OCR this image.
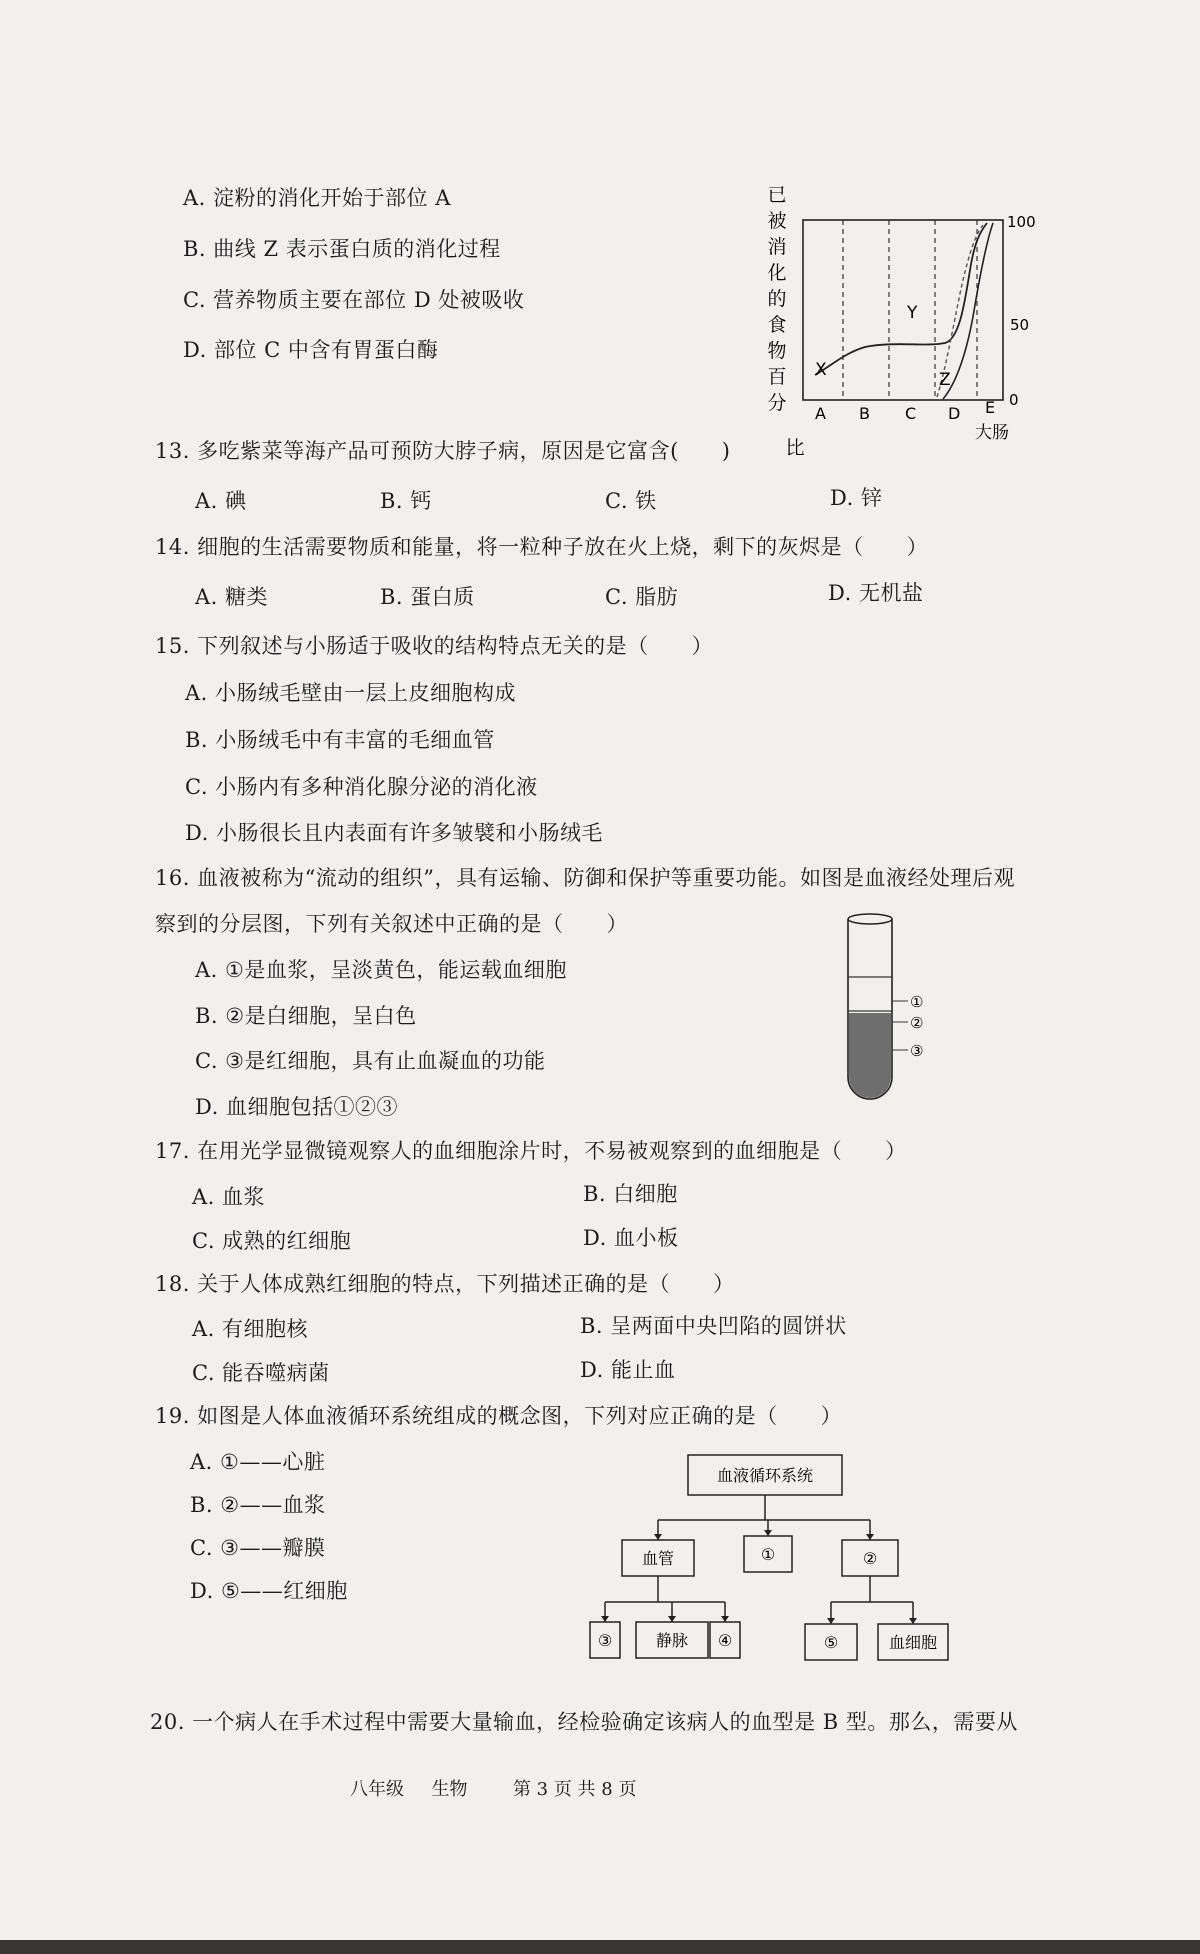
A. 淀粉的消化开始于部位 A
B. 曲线 Z 表示蛋白质的消化过程
C. 营养物质主要在部位 D 处被吸收
D. 部位 C 中含有胃蛋白酶
已
被
消
化
的
食
物
百
分
比
X
Y
Z
100
50
0
A B C D E
大肠
13. 多吃紫菜等海产品可预防大脖子病，原因是它富含(　　)
A. 碘	B. 钙	C. 铁	D. 锌
14. 细胞的生活需要物质和能量，将一粒种子放在火上烧，剩下的灰烬是（　　）
A. 糖类	B. 蛋白质	C. 脂肪	D. 无机盐
15. 下列叙述与小肠适于吸收的结构特点无关的是（　　）
A. 小肠绒毛壁由一层上皮细胞构成
B. 小肠绒毛中有丰富的毛细血管
C. 小肠内有多种消化腺分泌的消化液
D. 小肠很长且内表面有许多皱襞和小肠绒毛
16. 血液被称为“流动的组织”，具有运输、防御和保护等重要功能。如图是血液经处理后观
察到的分层图，下列有关叙述中正确的是（　　）
A. ①是血浆，呈淡黄色，能运载血细胞
B. ②是白细胞，呈白色
C. ③是红细胞，具有止血凝血的功能
D. 血细胞包括①②③
①
②
③
17. 在用光学显微镜观察人的血细胞涂片时，不易被观察到的血细胞是（　　）
A. 血浆	B. 白细胞
C. 成熟的红细胞	D. 血小板
18. 关于人体成熟红细胞的特点，下列描述正确的是（　　）
A. 有细胞核	B. 呈两面中央凹陷的圆饼状
C. 能吞噬病菌	D. 能止血
19. 如图是人体血液循环系统组成的概念图，下列对应正确的是（　　）
A. ①——心脏
B. ②——血浆
C. ③——瓣膜
D. ⑤——红细胞
血液循环系统
血管	①	②
③	静脉 ④	⑤	血细胞
20. 一个病人在手术过程中需要大量输血，经检验确定该病人的血型是 B 型。那么，需要从
八年级 生物	第 3 页 共 8 页
